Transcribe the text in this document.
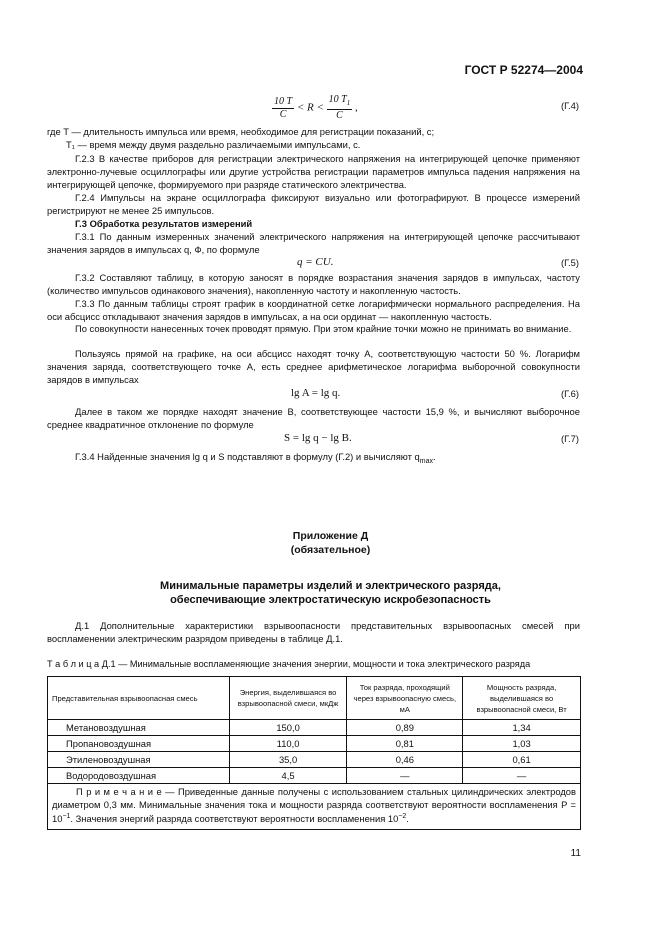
ГОСТ Р 52274—2004
$\frac{10 T}{C} < R < \frac{10 T_1}{C}$ ,	(Г.4)
где T — длительность импульса или время, необходимое для регистрации показаний, с;
T₁ — время между двумя раздельно различаемыми импульсами, с.
Г.2.3 В качестве приборов для регистрации электрического напряжения на интегрирующей цепочке применяют электронно-лучевые осциллографы или другие устройства регистрации параметров импульса падения напряжения на интегрирующей цепочке, формируемого при разряде статического электричества.
Г.2.4 Импульсы на экране осциллографа фиксируют визуально или фотографируют. В процессе измерений регистрируют не менее 25 импульсов.
Г.3 Обработка результатов измерений
Г.3.1 По данным измеренных значений электрического напряжения на интегрирующей цепочке рассчитывают значения зарядов в импульсах q, Ф, по формуле
q = CU.	(Г.5)
Г.3.2 Составляют таблицу, в которую заносят в порядке возрастания значения зарядов в импульсах, частоту (количество импульсов одинакового значения), накопленную частоту и накопленную частость.
Г.3.3 По данным таблицы строят график в координатной сетке логарифмически нормального распределения. На оси абсцисс откладывают значения зарядов в импульсах, а на оси ординат — накопленную частость.
По совокупности нанесенных точек проводят прямую. При этом крайние точки можно не принимать во внимание.
Пользуясь прямой на графике, на оси абсцисс находят точку A, соответствующую частости 50 %. Логарифм значения заряда, соответствующего точке A, есть среднее арифметическое логарифма выборочной совокупности зарядов в импульсах
lg A = lg q.	(Г.6)
Далее в таком же порядке находят значение B, соответствующее частости 15,9 %, и вычисляют выборочное среднее квадратичное отклонение по формуле
S = lg q − lg B.	(Г.7)
Г.3.4 Найденные значения lg q и S подставляют в формулу (Г.2) и вычисляют $q_{max}$.
Приложение Д
(обязательное)
Минимальные параметры изделий и электрического разряда,
обеспечивающие электростатическую искробезопасность
Д.1 Дополнительные характеристики взрывоопасности представительных взрывоопасных смесей при воспламенении электрическим разрядом приведены в таблице Д.1.
Т а б л и ц а Д.1 — Минимальные воспламеняющие значения энергии, мощности и тока электрического разряда
Представительная взрывоопасная смесь	Энергия, выделившаяся во взрывоопасной смеси, мкДж	Ток разряда, проходящий через взрывоопасную смесь, мА	Мощность разряда, выделившаяся во взрывоопасной смеси, Вт
Метановоздушная	150,0	0,89	1,34
Пропановоздушная	110,0	0,81	1,03
Этиленовоздушная	35,0	0,46	0,61
Водородовоздушная	4,5	—	—
П р и м е ч а н и е — Приведенные данные получены с использованием стальных цилиндрических электродов диаметром 0,3 мм. Минимальные значения тока и мощности разряда соответствуют вероятности воспламенения $P = 10^{-1}$. Значения энергий разряда соответствуют вероятности воспламенения $10^{-2}$.			
11
